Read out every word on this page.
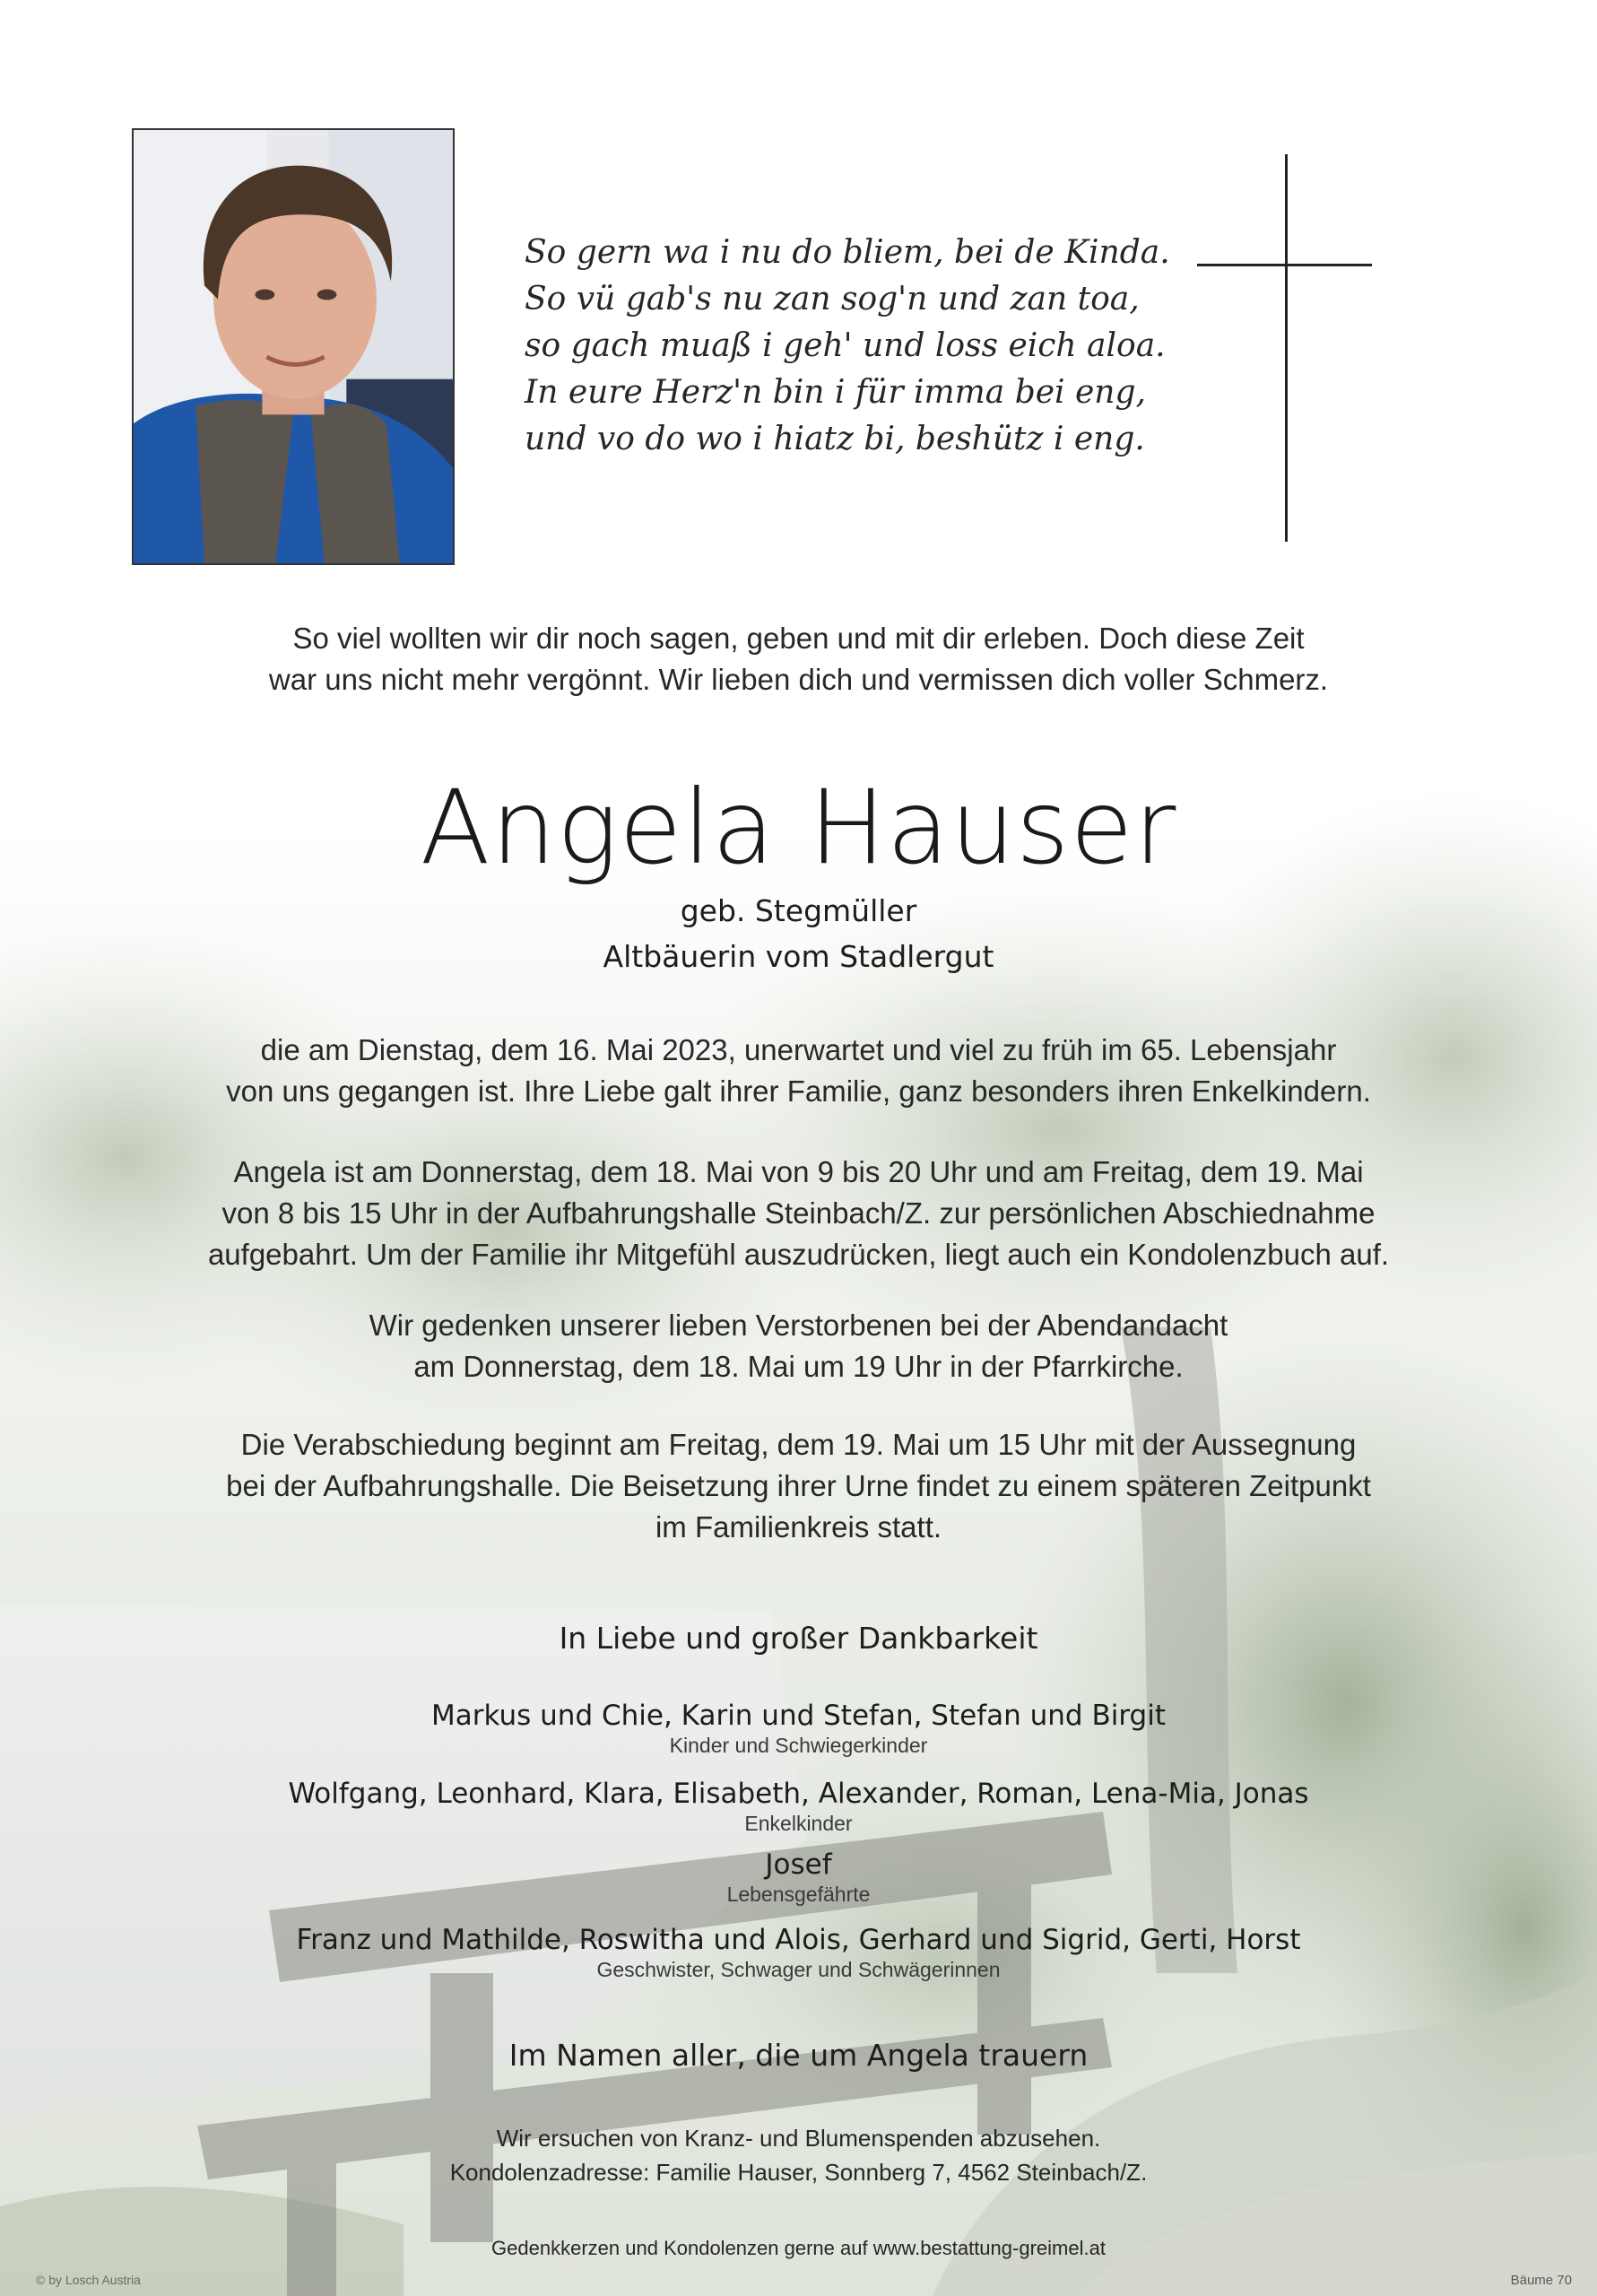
So gern wa i nu do bliem, bei de Kinda.
So vü gab's nu zan sog'n und zan toa,
so gach muaß i geh' und loss eich aloa.
In eure Herz'n bin i für imma bei eng,
und vo do wo i hiatz bi, beshütz i eng.
So viel wollten wir dir noch sagen, geben und mit dir erleben. Doch diese Zeit
war uns nicht mehr vergönnt. Wir lieben dich und vermissen dich voller Schmerz.
Angela Hauser
geb. Stegmüller
Altbäuerin vom Stadlergut
die am Dienstag, dem 16. Mai 2023, unerwartet und viel zu früh im 65. Lebensjahr
von uns gegangen ist. Ihre Liebe galt ihrer Familie, ganz besonders ihren Enkelkindern.
Angela ist am Donnerstag, dem 18. Mai von 9 bis 20 Uhr und am Freitag, dem 19. Mai
von 8 bis 15 Uhr in der Aufbahrungshalle Steinbach/Z. zur persönlichen Abschiednahme
aufgebahrt. Um der Familie ihr Mitgefühl auszudrücken, liegt auch ein Kondolenzbuch auf.
Wir gedenken unserer lieben Verstorbenen bei der Abendandacht
am Donnerstag, dem 18. Mai um 19 Uhr in der Pfarrkirche.
Die Verabschiedung beginnt am Freitag, dem 19. Mai um 15 Uhr mit der Aussegnung
bei der Aufbahrungshalle. Die Beisetzung ihrer Urne findet zu einem späteren Zeitpunkt
im Familienkreis statt.
In Liebe und großer Dankbarkeit
Markus und Chie, Karin und Stefan, Stefan und Birgit
Kinder und Schwiegerkinder
Wolfgang, Leonhard, Klara, Elisabeth, Alexander, Roman, Lena-Mia, Jonas
Enkelkinder
Josef
Lebensgefährte
Franz und Mathilde, Roswitha und Alois, Gerhard und Sigrid, Gerti, Horst
Geschwister, Schwager und Schwägerinnen
Im Namen aller, die um Angela trauern
Wir ersuchen von Kranz- und Blumenspenden abzusehen.
Kondolenzadresse: Familie Hauser, Sonnberg 7, 4562 Steinbach/Z.
Gedenkkerzen und Kondolenzen gerne auf www.bestattung-greimel.at
© by Losch Austria	Bäume 70
